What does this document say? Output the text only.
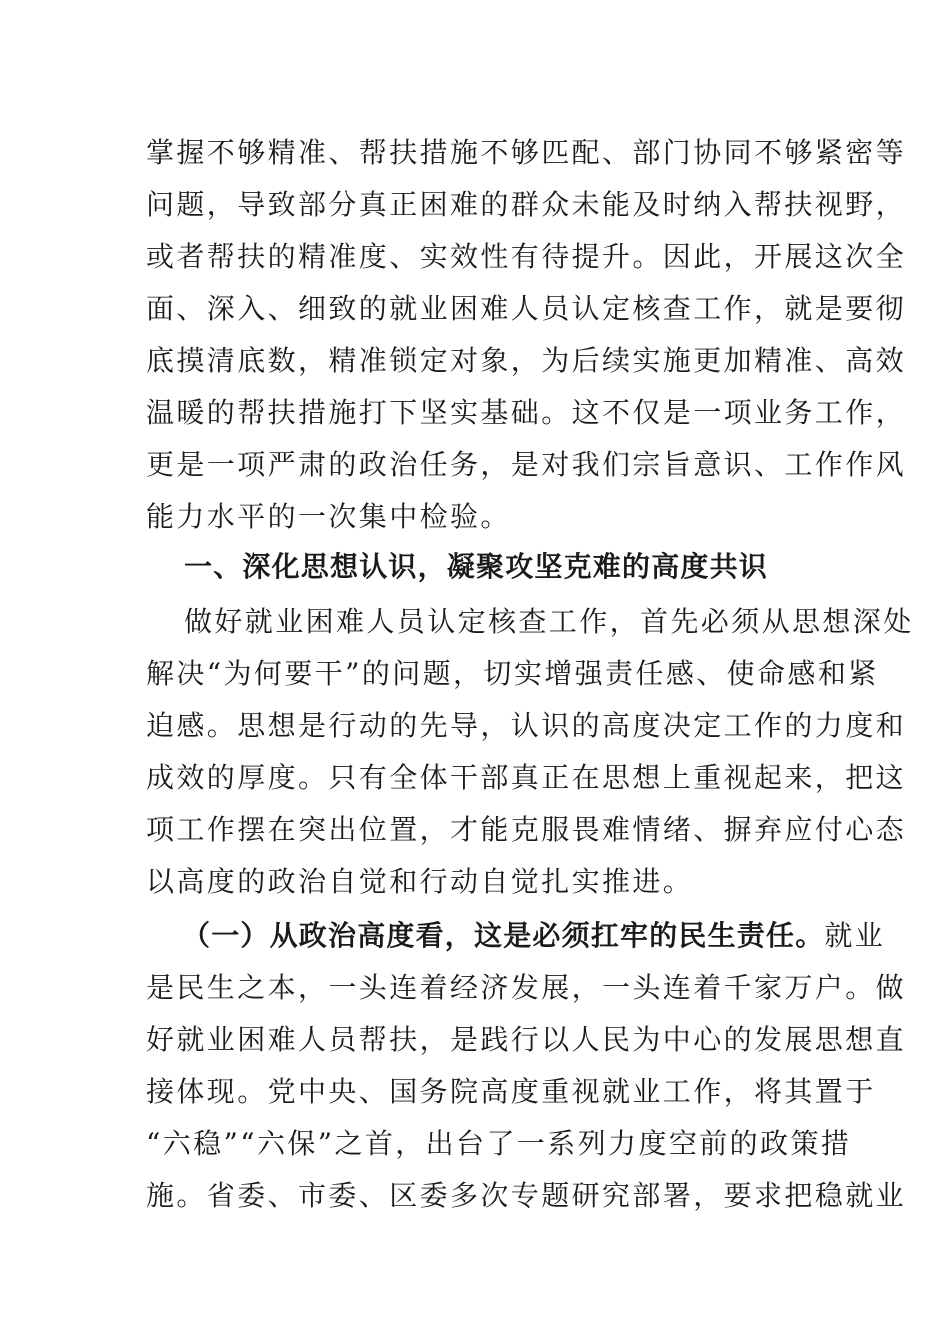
掌握不够精准、帮扶措施不够匹配、部门协同不够紧密等
问题，导致部分真正困难的群众未能及时纳入帮扶视野，
或者帮扶的精准度、实效性有待提升。因此，开展这次全
面、深入、细致的就业困难人员认定核查工作，就是要彻
底摸清底数，精准锁定对象，为后续实施更加精准、高效
温暖的帮扶措施打下坚实基础。这不仅是一项业务工作，
更是一项严肃的政治任务，是对我们宗旨意识、工作作风
能力水平的一次集中检验。
一、深化思想认识，凝聚攻坚克难的高度共识
做好就业困难人员认定核查工作，首先必须从思想深处
解决“为何要干”的问题，切实增强责任感、使命感和紧
迫感。思想是行动的先导，认识的高度决定工作的力度和
成效的厚度。只有全体干部真正在思想上重视起来，把这
项工作摆在突出位置，才能克服畏难情绪、摒弃应付心态
以高度的政治自觉和行动自觉扎实推进。
（一）从政治高度看，这是必须扛牢的民生责任。就业
是民生之本，一头连着经济发展，一头连着千家万户。做
好就业困难人员帮扶，是践行以人民为中心的发展思想直
接体现。党中央、国务院高度重视就业工作，将其置于
“六稳”“六保”之首，出台了一系列力度空前的政策措
施。省委、市委、区委多次专题研究部署，要求把稳就业
